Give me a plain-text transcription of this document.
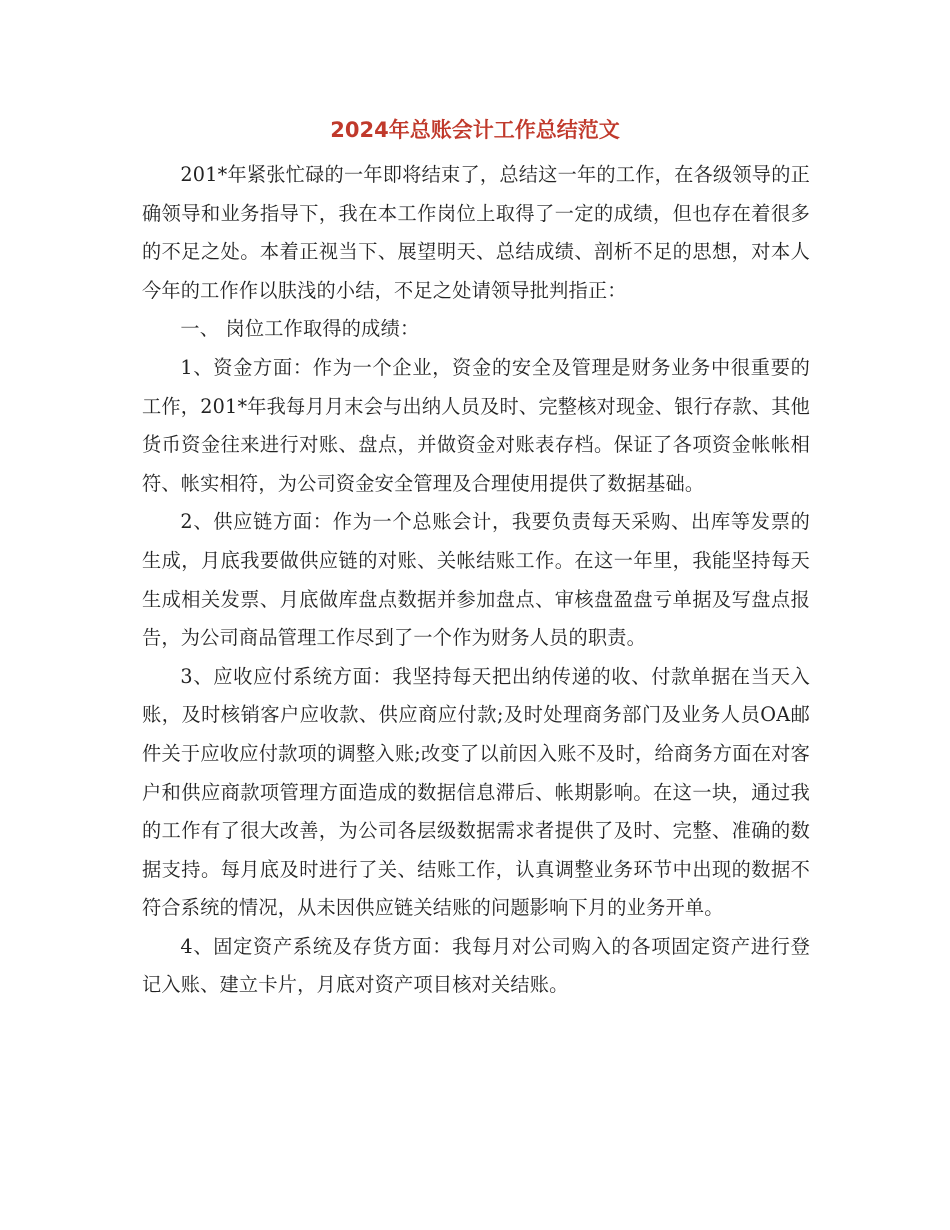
2024年总账会计工作总结范文

201*年紧张忙碌的一年即将结束了，总结这一年的工作，在各级领导的正确领导和业务指导下，我在本工作岗位上取得了一定的成绩，但也存在着很多的不足之处。本着正视当下、展望明天、总结成绩、剖析不足的思想，对本人今年的工作作以肤浅的小结，不足之处请领导批判指正：

一、 岗位工作取得的成绩：

1、资金方面：作为一个企业，资金的安全及管理是财务业务中很重要的工作，201*年我每月月末会与出纳人员及时、完整核对现金、银行存款、其他货币资金往来进行对账、盘点，并做资金对账表存档。保证了各项资金帐帐相符、帐实相符，为公司资金安全管理及合理使用提供了数据基础。

2、供应链方面：作为一个总账会计，我要负责每天采购、出库等发票的生成，月底我要做供应链的对账、关帐结账工作。在这一年里，我能坚持每天生成相关发票、月底做库盘点数据并参加盘点、审核盘盈盘亏单据及写盘点报告，为公司商品管理工作尽到了一个作为财务人员的职责。

3、应收应付系统方面：我坚持每天把出纳传递的收、付款单据在当天入账，及时核销客户应收款、供应商应付款;及时处理商务部门及业务人员OA邮件关于应收应付款项的调整入账;改变了以前因入账不及时，给商务方面在对客户和供应商款项管理方面造成的数据信息滞后、帐期影响。在这一块，通过我的工作有了很大改善，为公司各层级数据需求者提供了及时、完整、准确的数据支持。每月底及时进行了关、结账工作，认真调整业务环节中出现的数据不符合系统的情况，从未因供应链关结账的问题影响下月的业务开单。

4、固定资产系统及存货方面：我每月对公司购入的各项固定资产进行登记入账、建立卡片，月底对资产项目核对关结账。
